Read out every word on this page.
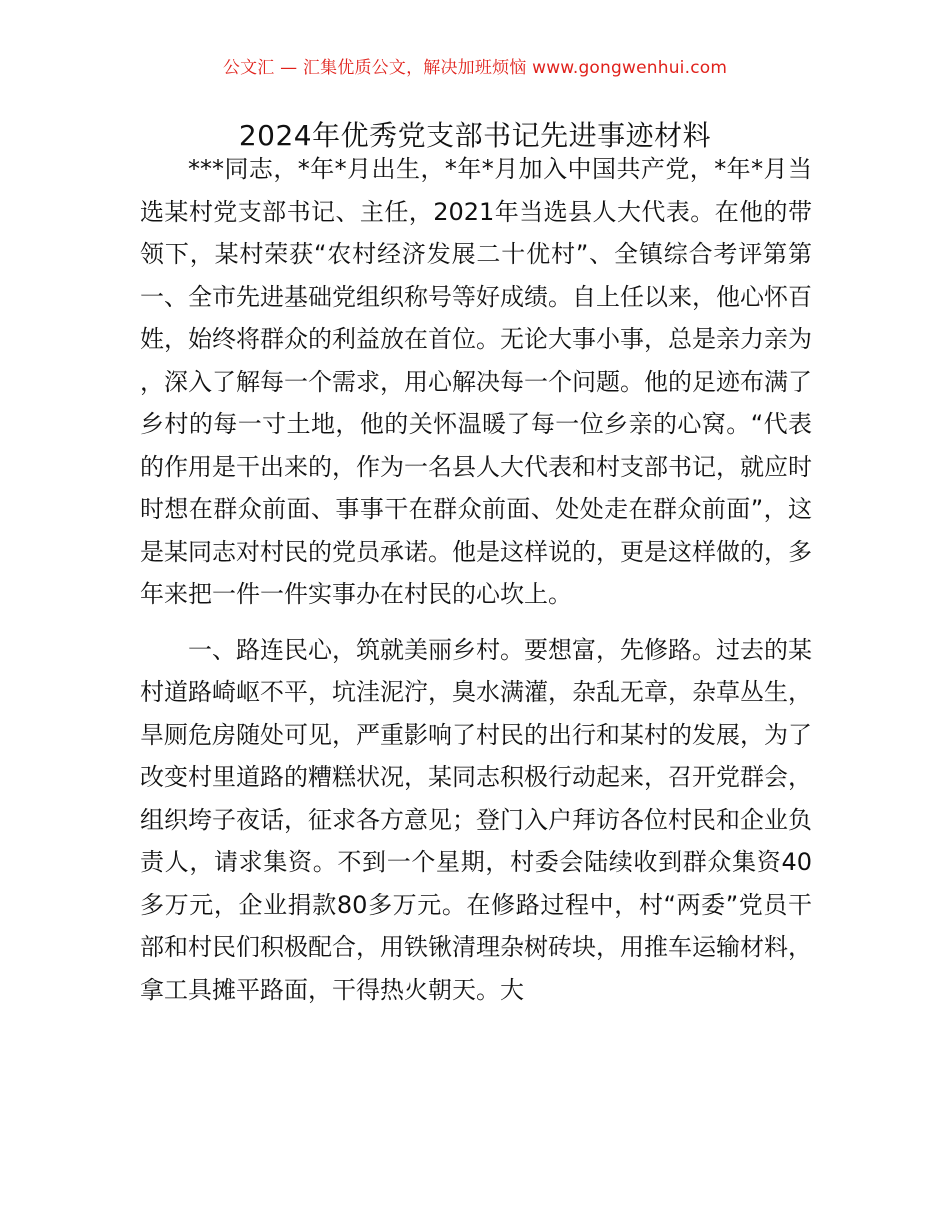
公文汇 — 汇集优质公文，解决加班烦恼 www.gongwenhui.com
2024年优秀党支部书记先进事迹材料

***同志，*年*月出生，*年*月加入中国共产党，*年*月当选某村党支部书记、主任，2021年当选县人大代表。在他的带领下，某村荣获“农村经济发展二十优村”、全镇综合考评第第一、全市先进基础党组织称号等好成绩。自上任以来，他心怀百姓，始终将群众的利益放在首位。无论大事小事，总是亲力亲为，深入了解每一个需求，用心解决每一个问题。他的足迹布满了乡村的每一寸土地，他的关怀温暖了每一位乡亲的心窝。“代表的作用是干出来的，作为一名县人大代表和村支部书记，就应时时想在群众前面、事事干在群众前面、处处走在群众前面”，这是某同志对村民的党员承诺。他是这样说的，更是这样做的，多年来把一件一件实事办在村民的心坎上。

一、路连民心，筑就美丽乡村。要想富，先修路。过去的某村道路崎岖不平，坑洼泥泞，臭水满灌，杂乱无章，杂草丛生，旱厕危房随处可见，严重影响了村民的出行和某村的发展，为了改变村里道路的糟糕状况，某同志积极行动起来，召开党群会，组织垮子夜话，征求各方意见；登门入户拜访各位村民和企业负责人，请求集资。不到一个星期，村委会陆续收到群众集资40多万元，企业捐款80多万元。在修路过程中，村“两委”党员干部和村民们积极配合，用铁锹清理杂树砖块，用推车运输材料，拿工具摊平路面，干得热火朝天。大
